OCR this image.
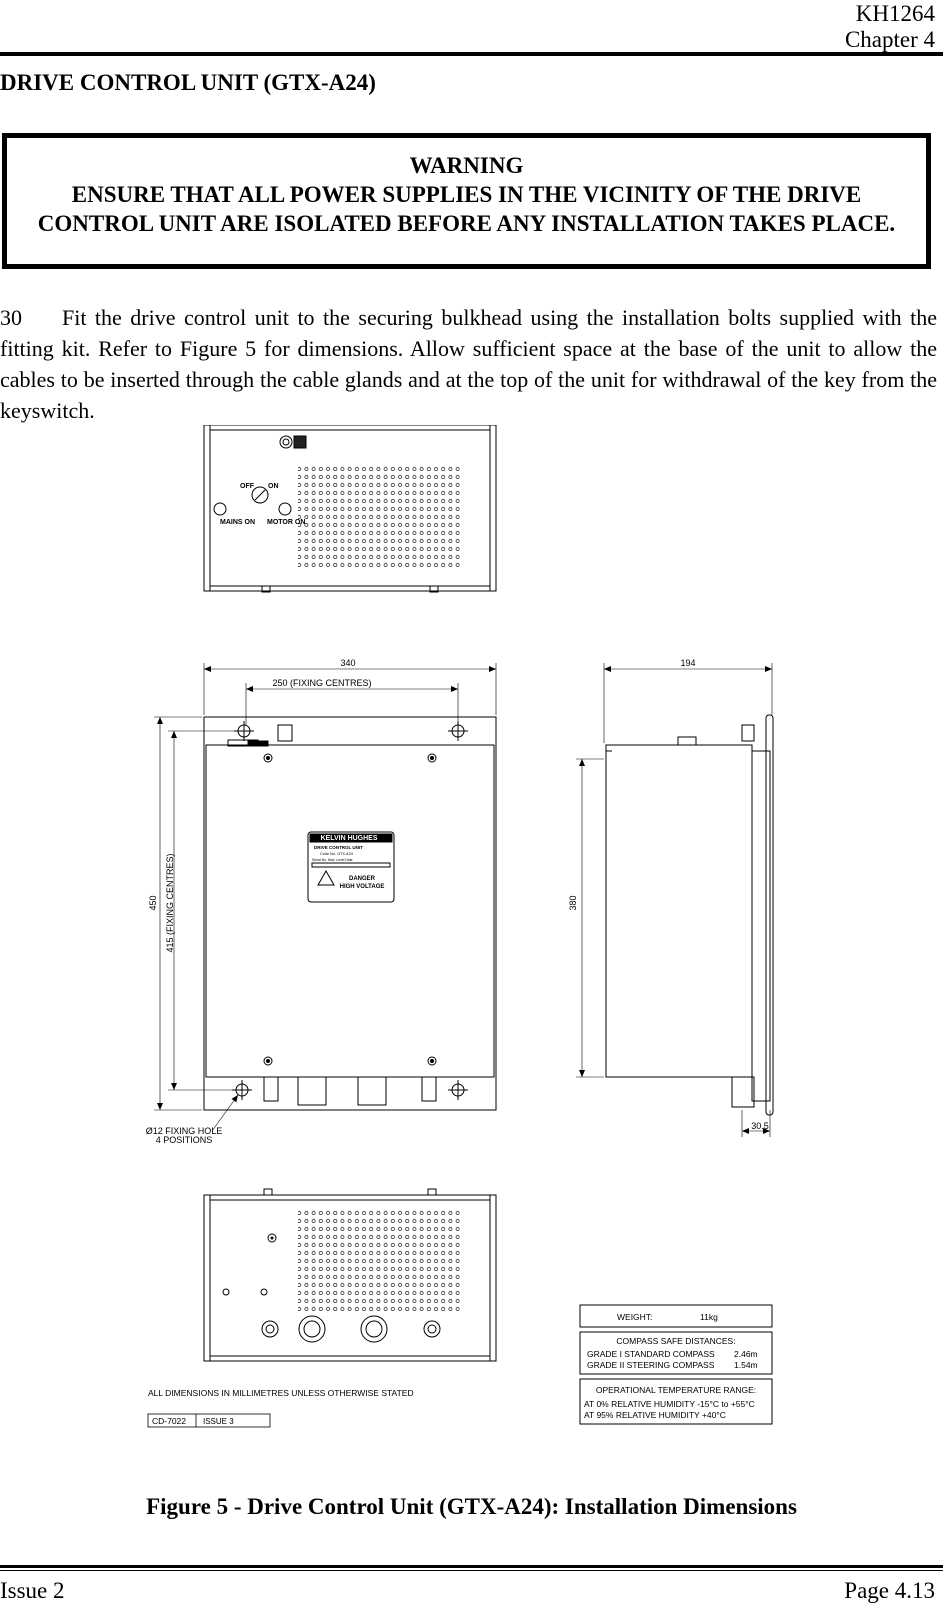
KH1264
Chapter 4
DRIVE CONTROL UNIT (GTX-A24)
WARNING
ENSURE THAT ALL POWER SUPPLIES IN THE VICINITY OF THE DRIVE CONTROL UNIT ARE ISOLATED BEFORE ANY INSTALLATION TAKES PLACE.
30	Fit the drive control unit to the securing bulkhead using the installation bolts supplied with the fitting kit. Refer to Figure 5 for dimensions. Allow sufficient space at the base of the unit to allow the cables to be inserted through the cable glands and at the top of the unit for withdrawal of the key from the keyswitch.
OFF ON
MAINS ON MOTOR ON
KELVIN HUGHES
DRIVE CONTROL UNIT
Code No. GTX-A24
Serial No. Mod. Level Date
DANGER
HIGH VOLTAGE
340
250 (FIXING CENTRES)
450 415 (FIXING CENTRES)
Ø12 FIXING HOLE
4 POSITIONS
194
380
30.5
WEIGHT:	11kg
COMPASS SAFE DISTANCES:
GRADE I STANDARD COMPASS 2.46m
GRADE II STEERING COMPASS 1.54m
OPERATIONAL TEMPERATURE RANGE:
AT 0% RELATIVE HUMIDITY -15°C to +55°C
AT 95% RELATIVE HUMIDITY +40°C
ALL DIMENSIONS IN MILLIMETRES UNLESS OTHERWISE STATED
CD-7022 ISSUE 3
Figure 5 - Drive Control Unit (GTX-A24): Installation Dimensions
Issue 2	Page 4.13
